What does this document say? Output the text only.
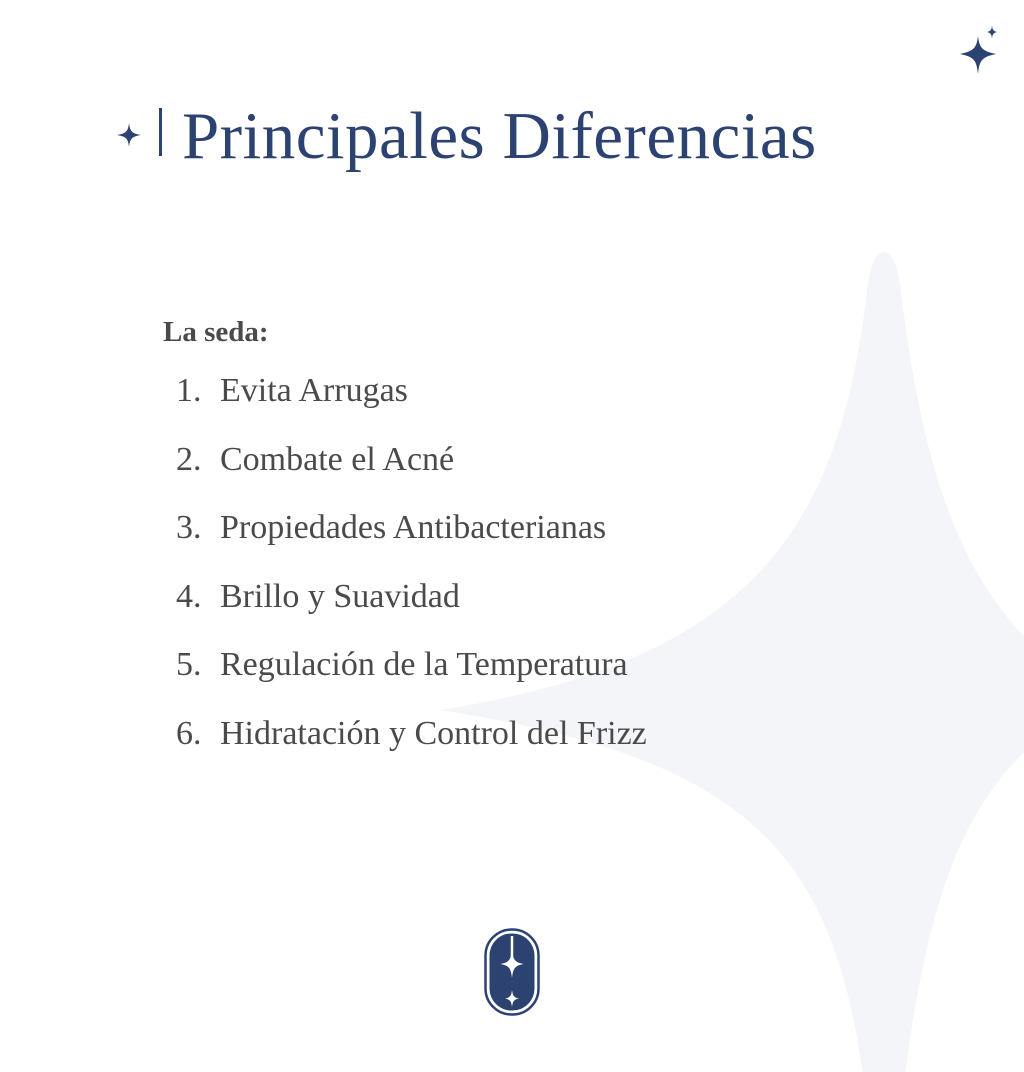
Principales Diferencias
La seda:
1. Evita Arrugas
2. Combate el Acné
3. Propiedades Antibacterianas
4. Brillo y Suavidad
5. Regulación de la Temperatura
6. Hidratación y Control del Frizz
